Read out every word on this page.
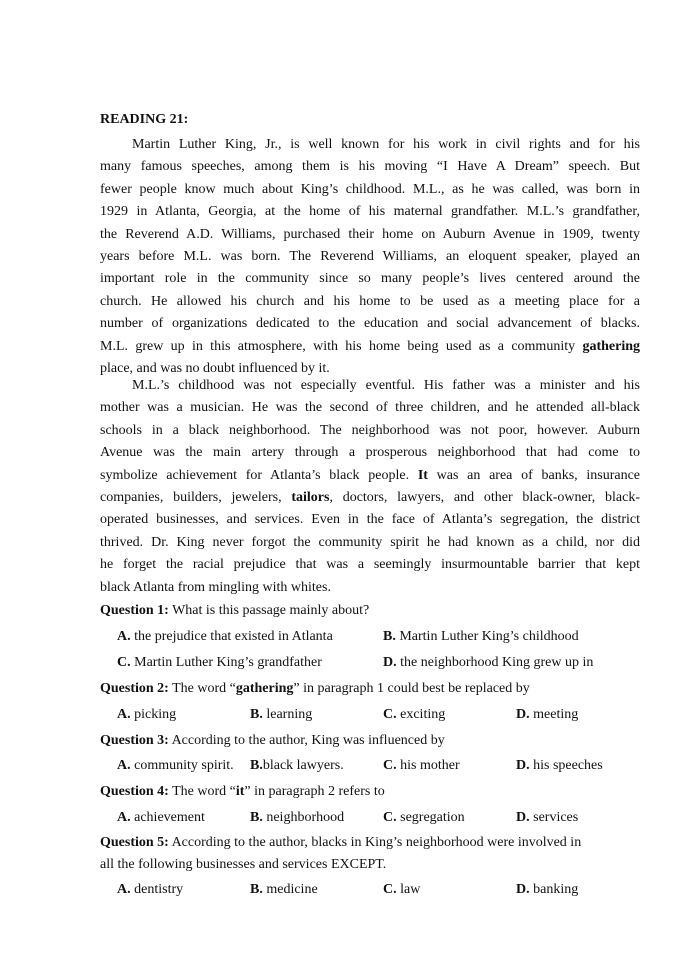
READING 21:
Martin Luther King, Jr., is well known for his work in civil rights and for his
many famous speeches, among them is his moving “I Have A Dream” speech. But
fewer people know much about King’s childhood. M.L., as he was called, was born in
1929 in Atlanta, Georgia, at the home of his maternal grandfather. M.L.’s grandfather,
the Reverend A.D. Williams, purchased their home on Auburn Avenue in 1909, twenty
years before M.L. was born. The Reverend Williams, an eloquent speaker, played an
important role in the community since so many people’s lives centered around the
church. He allowed his church and his home to be used as a meeting place for a
number of organizations dedicated to the education and social advancement of blacks.
M.L. grew up in this atmosphere, with his home being used as a community gathering
place, and was no doubt influenced by it.
M.L.’s childhood was not especially eventful. His father was a minister and his
mother was a musician. He was the second of three children, and he attended all-black
schools in a black neighborhood. The neighborhood was not poor, however. Auburn
Avenue was the main artery through a prosperous neighborhood that had come to
symbolize achievement for Atlanta’s black people. It was an area of banks, insurance
companies, builders, jewelers, tailors, doctors, lawyers, and other black-owner, black-
operated businesses, and services. Even in the face of Atlanta’s segregation, the district
thrived. Dr. King never forgot the community spirit he had known as a child, nor did
he forget the racial prejudice that was a seemingly insurmountable barrier that kept
black Atlanta from mingling with whites.
Question 1: What is this passage mainly about?
A. the prejudice that existed in Atlanta	B. Martin Luther King’s childhood
C. Martin Luther King’s grandfather	D. the neighborhood King grew up in
Question 2: The word “gathering” in paragraph 1 could best be replaced by
A. picking	B. learning	C. exciting	D. meeting
Question 3: According to the author, King was influenced by
A. community spirit. B.black lawyers.	C. his mother	D. his speeches
Question 4: The word “it” in paragraph 2 refers to
A. achievement	B. neighborhood	C. segregation	D. services
Question 5: According to the author, blacks in King’s neighborhood were involved in
all the following businesses and services EXCEPT.
A. dentistry	B. medicine	C. law	D. banking
